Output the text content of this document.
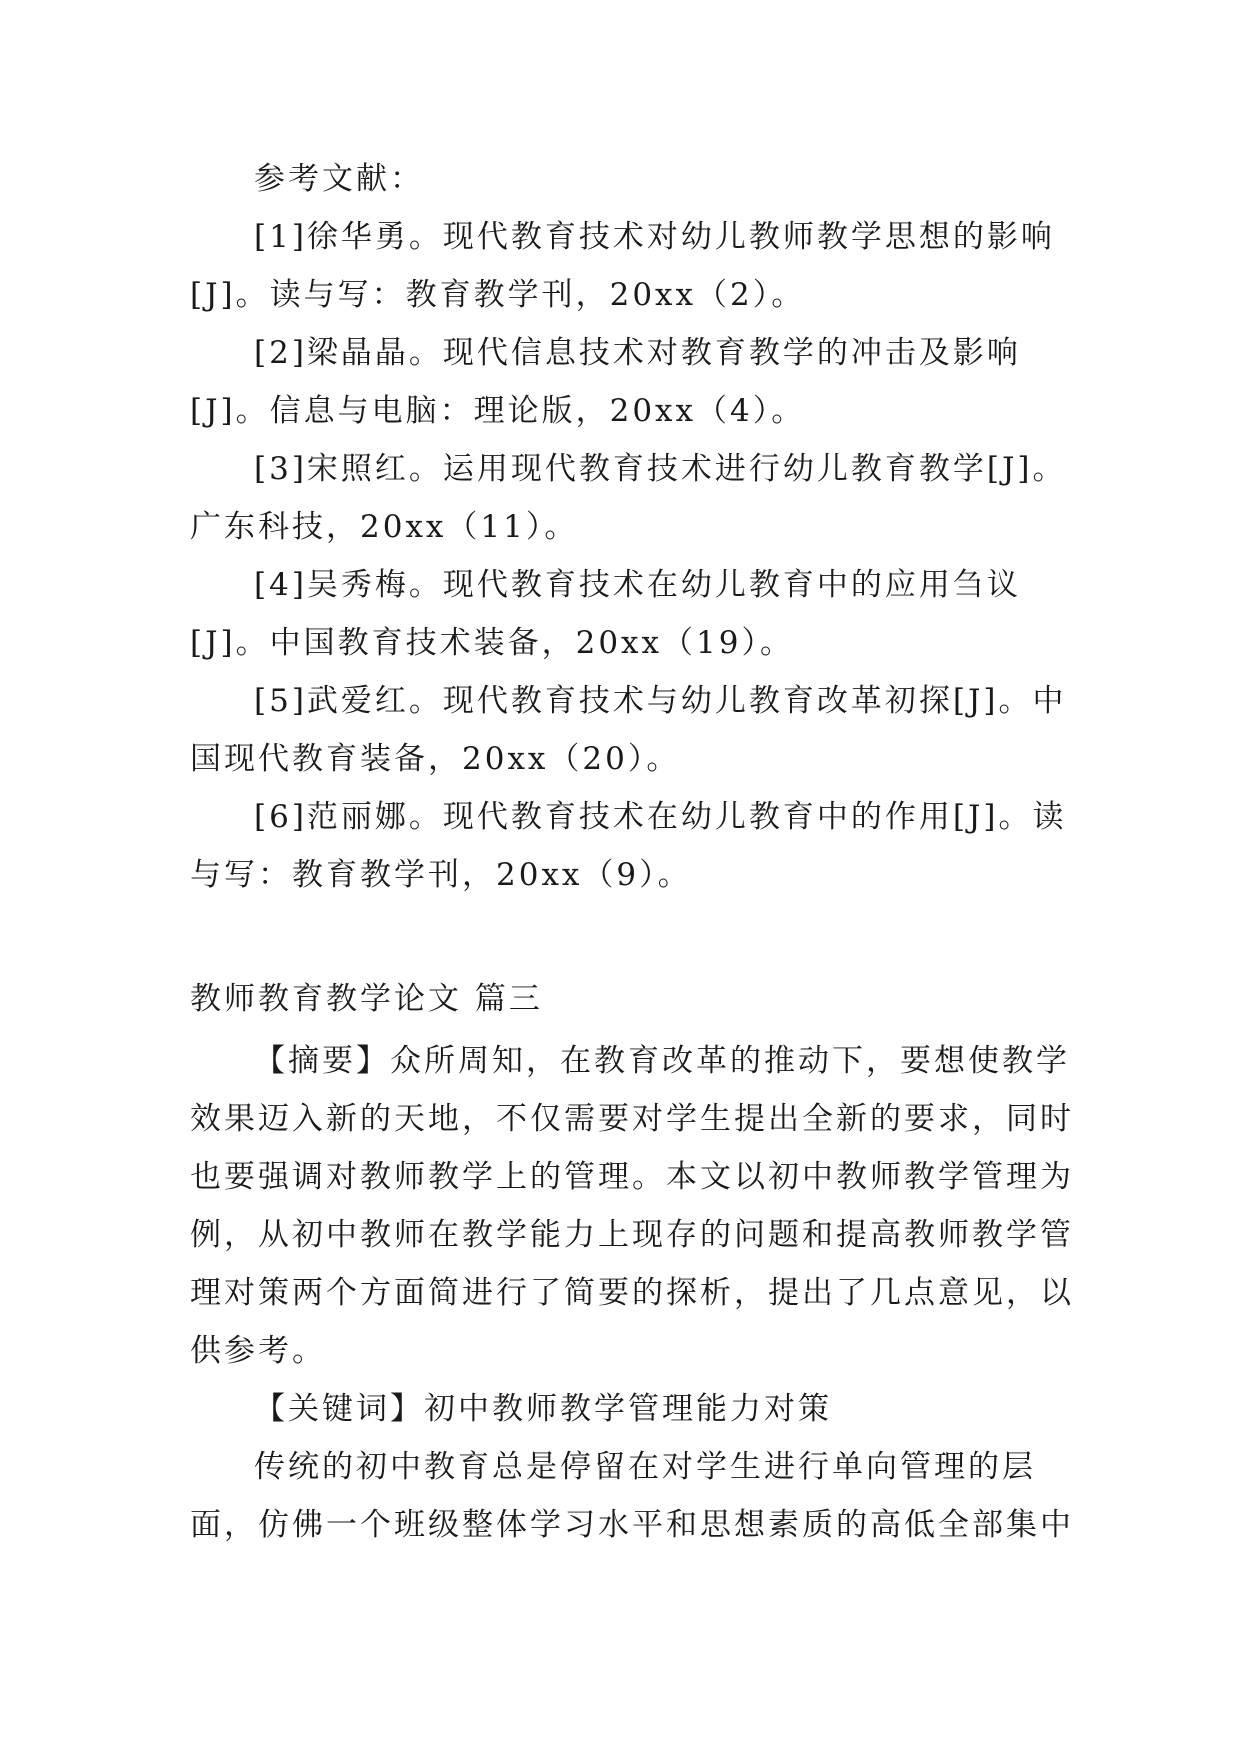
参考文献：
[1]徐华勇。现代教育技术对幼儿教师教学思想的影响
[J]。读与写：教育教学刊，20xx（2）。
[2]梁晶晶。现代信息技术对教育教学的冲击及影响
[J]。信息与电脑：理论版，20xx（4）。
[3]宋照红。运用现代教育技术进行幼儿教育教学[J]。
广东科技，20xx（11）。
[4]吴秀梅。现代教育技术在幼儿教育中的应用刍议
[J]。中国教育技术装备，20xx（19）。
[5]武爱红。现代教育技术与幼儿教育改革初探[J]。中
国现代教育装备，20xx（20）。
[6]范丽娜。现代教育技术在幼儿教育中的作用[J]。读
与写：教育教学刊，20xx（9）。
教师教育教学论文 篇三
【摘要】众所周知，在教育改革的推动下，要想使教学
效果迈入新的天地，不仅需要对学生提出全新的要求，同时
也要强调对教师教学上的管理。本文以初中教师教学管理为
例，从初中教师在教学能力上现存的问题和提高教师教学管
理对策两个方面简进行了简要的探析，提出了几点意见，以
供参考。
【关键词】初中教师教学管理能力对策
传统的初中教育总是停留在对学生进行单向管理的层
面，仿佛一个班级整体学习水平和思想素质的高低全部集中
